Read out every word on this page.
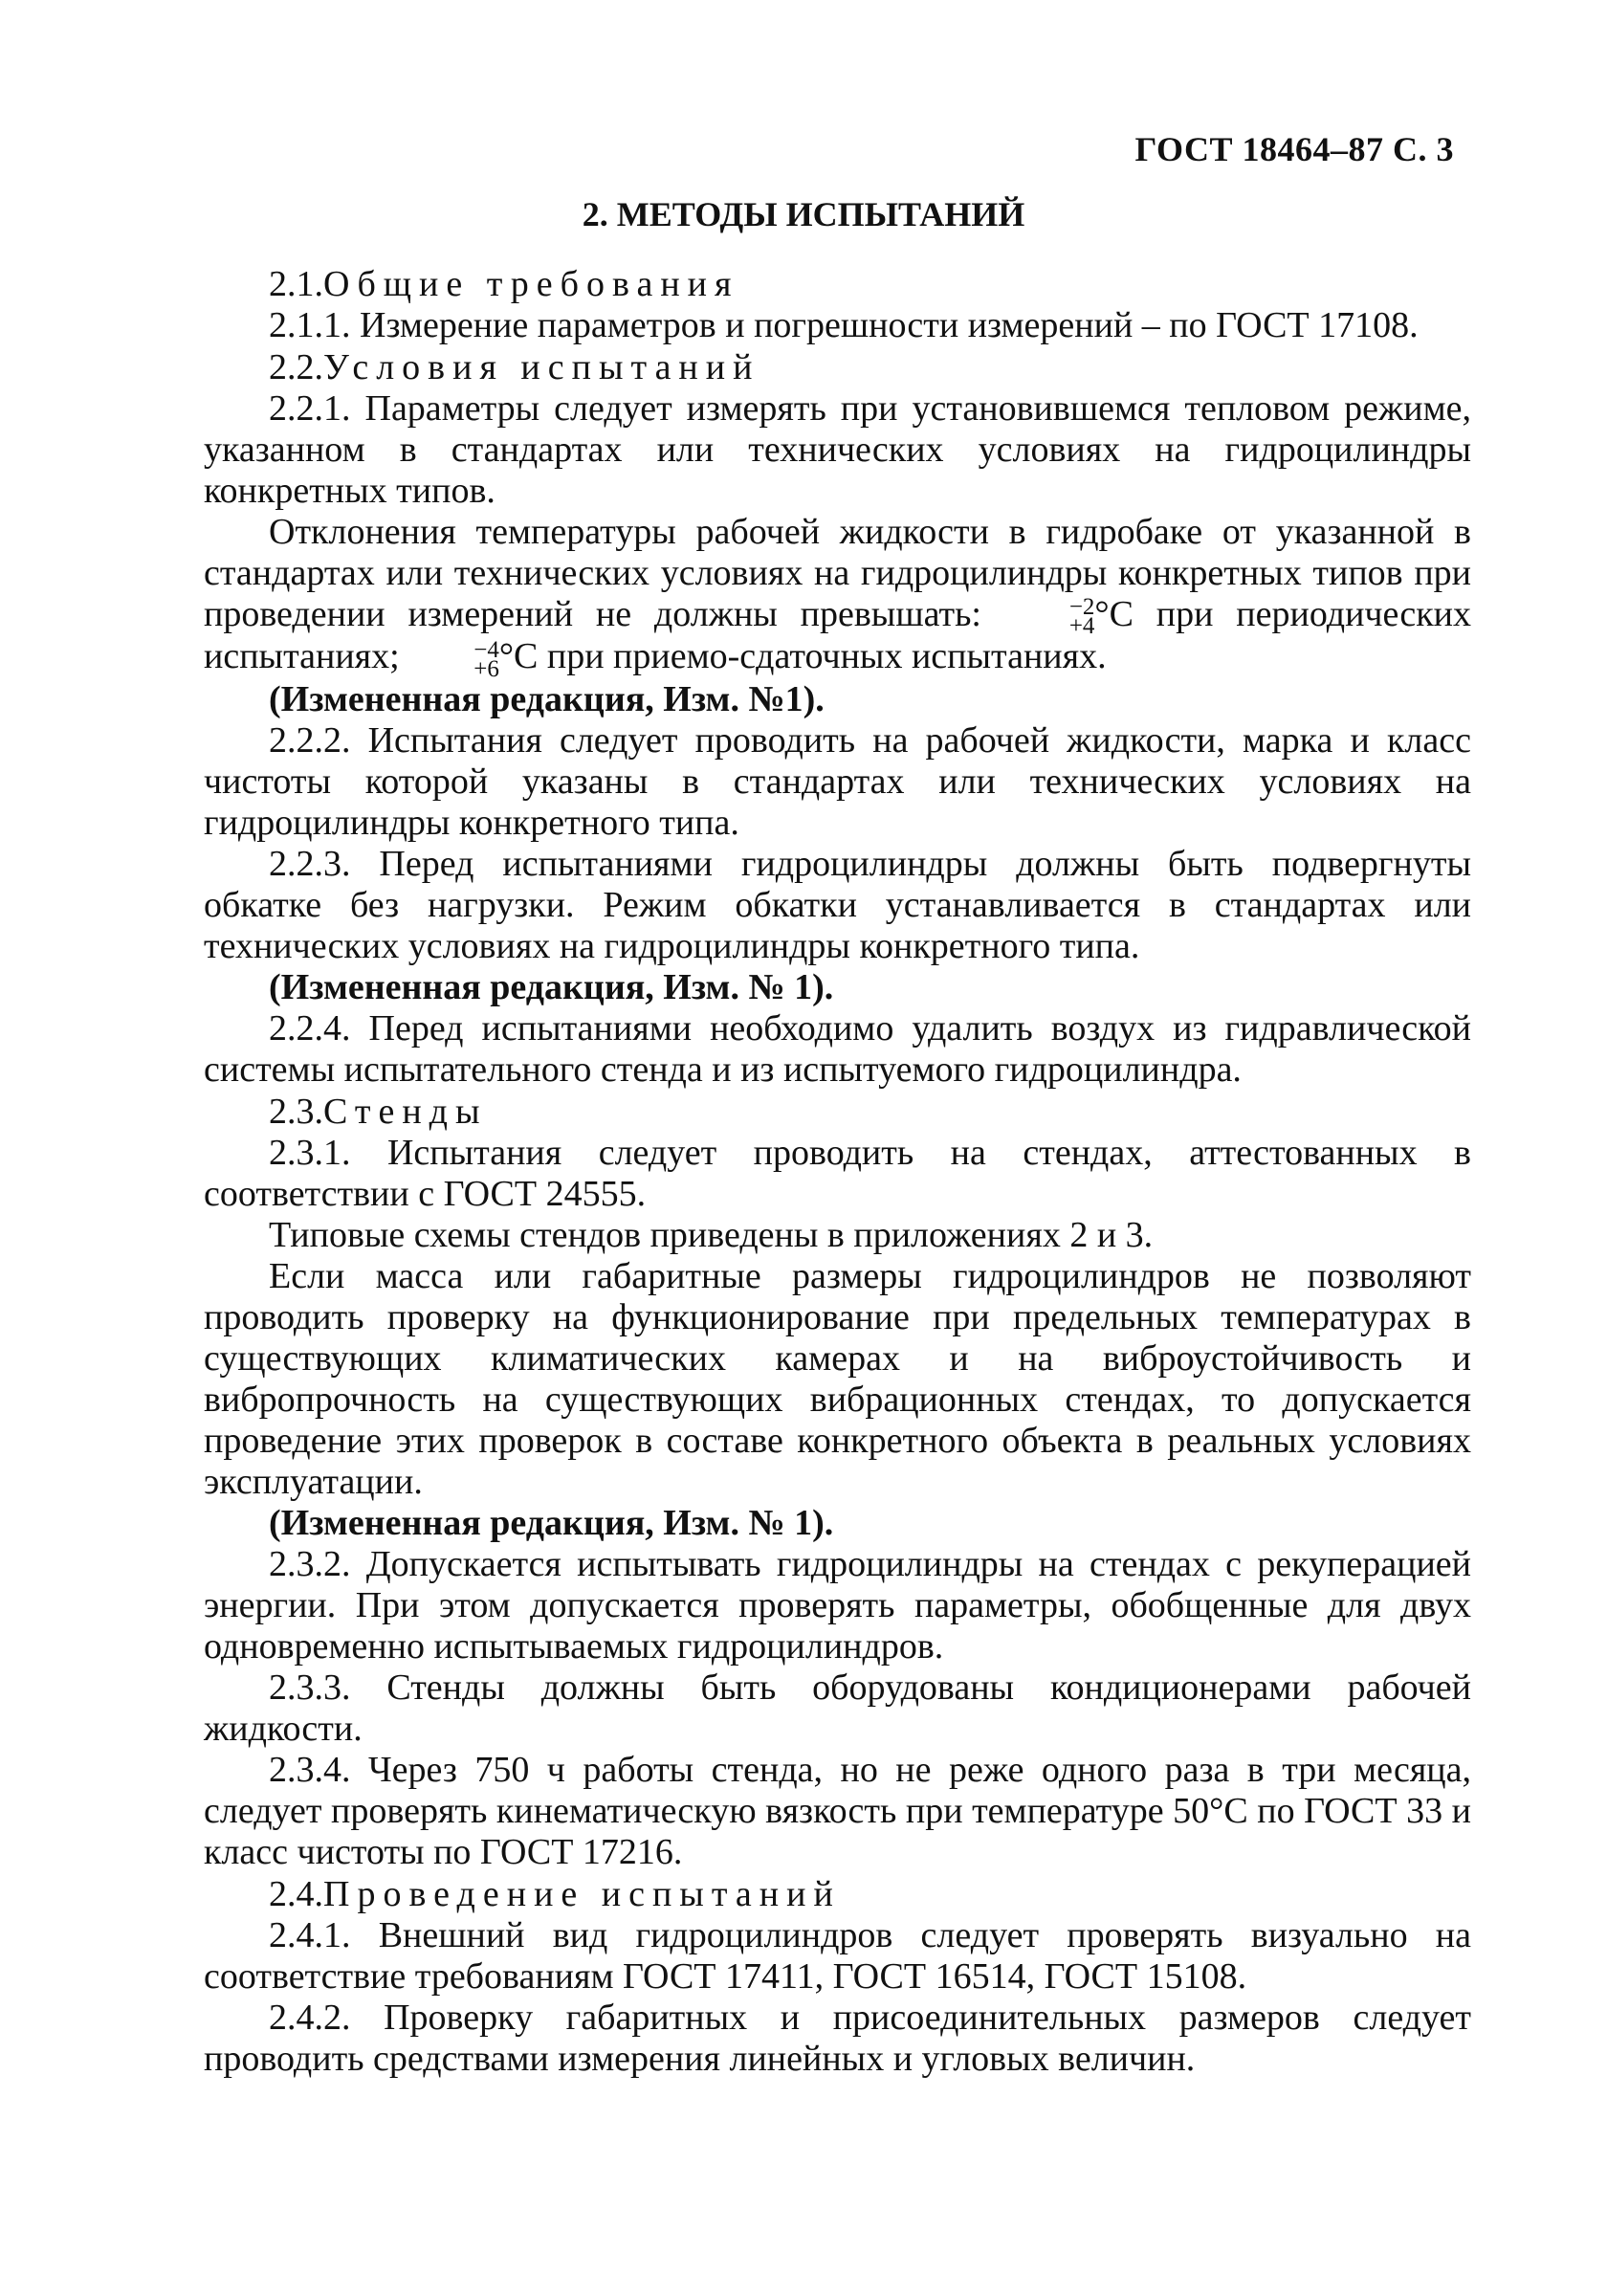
ГОСТ 18464–87 С. 3
2. МЕТОДЫ ИСПЫТАНИЙ

2.1.Общие требования

2.1.1. Измерение параметров и погрешности измерений – по ГОСТ 17108.

2.2.Условия испытаний

2.2.1. Параметры следует измерять при установившемся тепловом режиме, указанном в стандартах или технических условиях на гидроцилиндры конкретных типов.

Отклонения температуры рабочей жидкости в гидробаке от указанной в стандартах или технических условиях на гидроцилиндры конкретных типов при проведении измерений не должны превышать:	−2
+4 °С при периодических испытаниях;	−4
+6 °С при приемо-сдаточных испытаниях.

(Измененная редакция, Изм. №1).

2.2.2. Испытания следует проводить на рабочей жидкости, марка и класс чистоты которой указаны в стандартах или технических условиях на гидроцилиндры конкретного типа.

2.2.3. Перед испытаниями гидроцилиндры должны быть подвергнуты обкатке без нагрузки. Режим обкатки устанавливается в стандартах или технических условиях на гидроцилиндры конкретного типа.

(Измененная редакция, Изм. № 1).

2.2.4. Перед испытаниями необходимо удалить воздух из гидравлической системы испытательного стенда и из испытуемого гидроцилиндра.

2.3.Стенды

2.3.1. Испытания следует проводить на стендах, аттестованных в соответствии с ГОСТ 24555.

Типовые схемы стендов приведены в приложениях 2 и 3.

Если масса или габаритные размеры гидроцилиндров не позволяют проводить проверку на функционирование при предельных температурах в существующих климатических камерах и на виброустойчивость и вибропрочность на существующих вибрационных стендах, то допускается проведение этих проверок в составе конкретного объекта в реальных условиях эксплуатации.

(Измененная редакция, Изм. № 1).

2.3.2. Допускается испытывать гидроцилиндры на стендах с рекуперацией энергии. При этом допускается проверять параметры, обобщенные для двух одновременно испытываемых гидроцилиндров.

2.3.3. Стенды должны быть оборудованы кондиционерами рабочей жидкости.

2.3.4. Через 750 ч работы стенда, но не реже одного раза в три месяца, следует проверять кинематическую вязкость при температуре 50°С по ГОСТ 33 и класс чистоты по ГОСТ 17216.

2.4.Проведение испытаний

2.4.1. Внешний вид гидроцилиндров следует проверять визуально на соответствие требованиям ГОСТ 17411, ГОСТ 16514, ГОСТ 15108.

2.4.2. Проверку габаритных и присоединительных размеров следует проводить средствами измерения линейных и угловых величин.
